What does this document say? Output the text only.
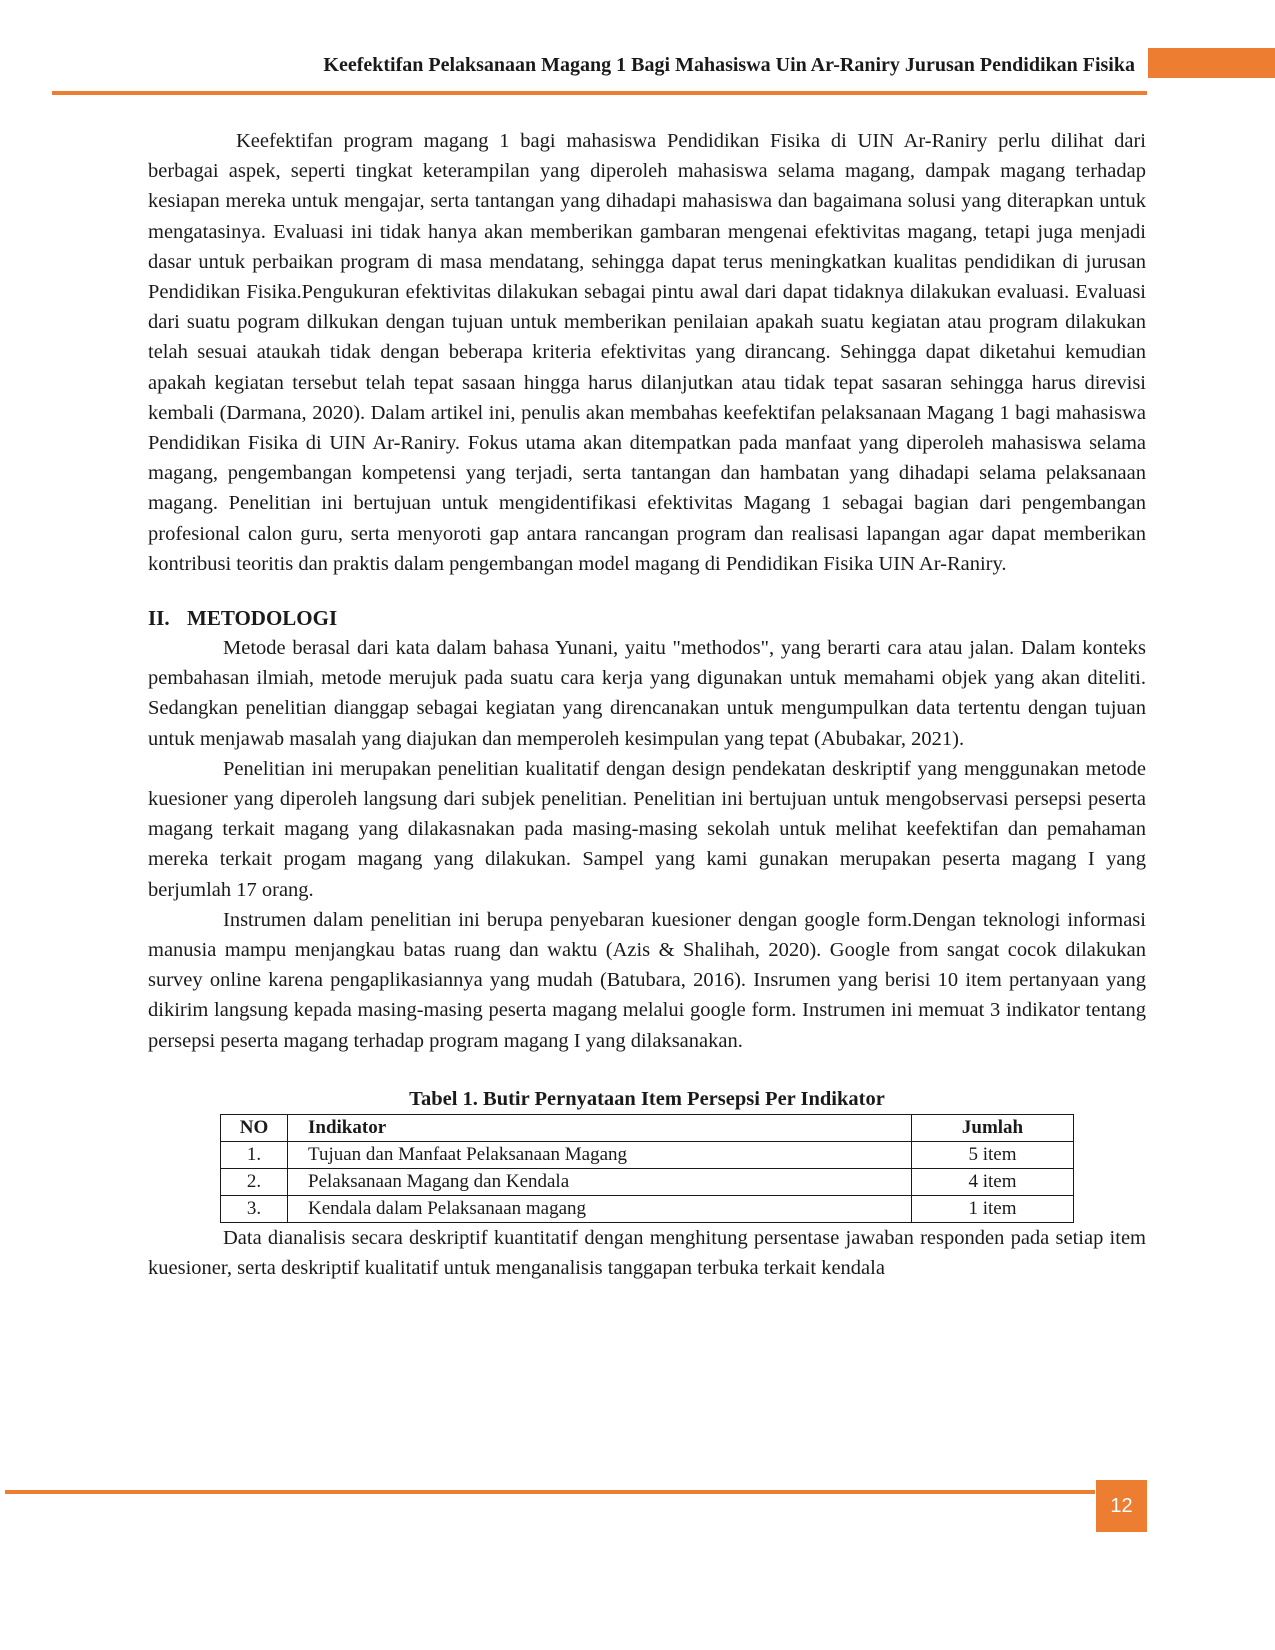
Keefektifan Pelaksanaan Magang 1 Bagi Mahasiswa Uin Ar-Raniry Jurusan Pendidikan Fisika

Keefektifan program magang 1 bagi mahasiswa Pendidikan Fisika di UIN Ar-Raniry perlu dilihat dari berbagai aspek, seperti tingkat keterampilan yang diperoleh mahasiswa selama magang, dampak magang terhadap kesiapan mereka untuk mengajar, serta tantangan yang dihadapi mahasiswa dan bagaimana solusi yang diterapkan untuk mengatasinya. Evaluasi ini tidak hanya akan memberikan gambaran mengenai efektivitas magang, tetapi juga menjadi dasar untuk perbaikan program di masa mendatang, sehingga dapat terus meningkatkan kualitas pendidikan di jurusan Pendidikan Fisika.Pengukuran efektivitas dilakukan sebagai pintu awal dari dapat tidaknya dilakukan evaluasi. Evaluasi dari suatu pogram dilkukan dengan tujuan untuk memberikan penilaian apakah suatu kegiatan atau program dilakukan telah sesuai ataukah tidak dengan beberapa kriteria efektivitas yang dirancang. Sehingga dapat diketahui kemudian apakah kegiatan tersebut telah tepat sasaan hingga harus dilanjutkan atau tidak tepat sasaran sehingga harus direvisi kembali (Darmana, 2020). Dalam artikel ini, penulis akan membahas keefektifan pelaksanaan Magang 1 bagi mahasiswa Pendidikan Fisika di UIN Ar-Raniry. Fokus utama akan ditempatkan pada manfaat yang diperoleh mahasiswa selama magang, pengembangan kompetensi yang terjadi, serta tantangan dan hambatan yang dihadapi selama pelaksanaan magang. Penelitian ini bertujuan untuk mengidentifikasi efektivitas Magang 1 sebagai bagian dari pengembangan profesional calon guru, serta menyoroti gap antara rancangan program dan realisasi lapangan agar dapat memberikan kontribusi teoritis dan praktis dalam pengembangan model magang di Pendidikan Fisika UIN Ar-Raniry.

II. METODOLOGI

Metode berasal dari kata dalam bahasa Yunani, yaitu "methodos", yang berarti cara atau jalan. Dalam konteks pembahasan ilmiah, metode merujuk pada suatu cara kerja yang digunakan untuk memahami objek yang akan diteliti. Sedangkan penelitian dianggap sebagai kegiatan yang direncanakan untuk mengumpulkan data tertentu dengan tujuan untuk menjawab masalah yang diajukan dan memperoleh kesimpulan yang tepat (Abubakar, 2021).

Penelitian ini merupakan penelitian kualitatif dengan design pendekatan deskriptif yang menggunakan metode kuesioner yang diperoleh langsung dari subjek penelitian. Penelitian ini bertujuan untuk mengobservasi persepsi peserta magang terkait magang yang dilakasnakan pada masing-masing sekolah untuk melihat keefektifan dan pemahaman mereka terkait progam magang yang dilakukan. Sampel yang kami gunakan merupakan peserta magang I yang berjumlah 17 orang.

Instrumen dalam penelitian ini berupa penyebaran kuesioner dengan google form.Dengan teknologi informasi manusia mampu menjangkau batas ruang dan waktu (Azis & Shalihah, 2020). Google from sangat cocok dilakukan survey online karena pengaplikasiannya yang mudah (Batubara, 2016). Insrumen yang berisi 10 item pertanyaan yang dikirim langsung kepada masing-masing peserta magang melalui google form. Instrumen ini memuat 3 indikator tentang persepsi peserta magang terhadap program magang I yang dilaksanakan.

Tabel 1. Butir Pernyataan Item Persepsi Per Indikator
NO	Indikator	Jumlah
1.	Tujuan dan Manfaat Pelaksanaan Magang	5 item
2.	Pelaksanaan Magang dan Kendala	4 item
3.	Kendala dalam Pelaksanaan magang	1 item

Data dianalisis secara deskriptif kuantitatif dengan menghitung persentase jawaban responden pada setiap item kuesioner, serta deskriptif kualitatif untuk menganalisis tanggapan terbuka terkait kendala

12
